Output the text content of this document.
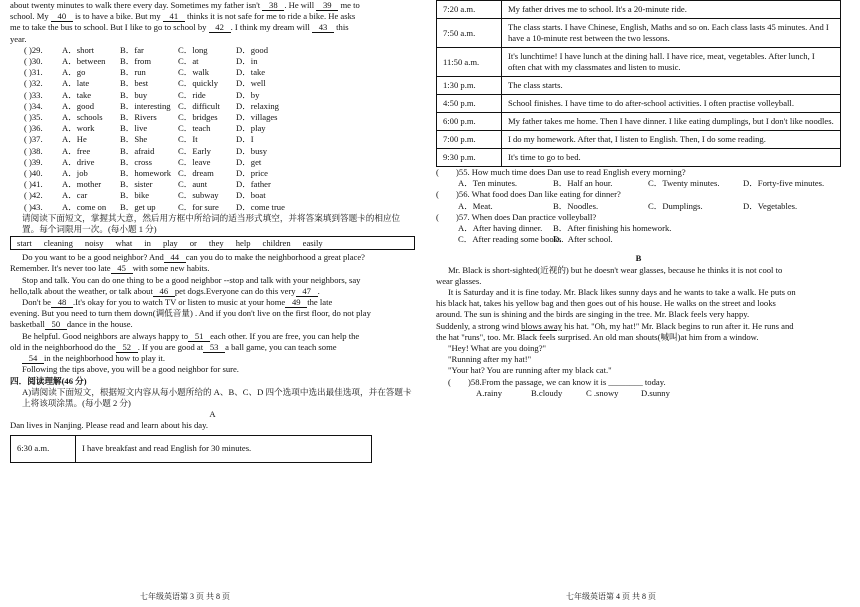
about twenty minutes to walk there every day. Sometimes my father isn't 38 . He will 39 me to
school. My 40 is to have a bike. But my 41 thinks it is not safe for me to ride a bike. He asks
me to take the bus to school. But I like to go to school by 42 . I think my dream will 43 this
year.
( )29.	A．short	B．far	C．long	D．good
( )30.	A．between	B．from	C．at	D．in
( )31.	A．go	B．run	C．walk	D．take
( )32.	A．late	B．best	C．quickly	D．well
( )33.	A．take	B．buy	C．ride	D．by
( )34.	A．good	B．interesting C．difficult	D．relaxing
( )35.	A．schools	B．Rivers	C．bridges	D．villages
( )36.	A．work	B．live	C．teach	D．play
( )37.	A．He	B．She	C．It	D．I
( )38.	A．free	B．afraid	C．Early	D．busy
( )39.	A．drive	B．cross	C．leave	D．get
( )40.	A．job	B．homework C．dream	D．price
( )41.	A．mother	B．sister	C．aunt	D．father
( )42.	A．car	B．bike	C．subway	D．boat
( )43.	A．come on	B．get up	C．for sure	D．come true
请阅读下面短文，掌握其大意，然后用方框中所给词的适当形式填空，并将答案填到答题卡的相应位置。每个词限用一次。(每小题 1 分)
start cleaning noisy what in play or they help children easily
Do you want to be a good neighbor? And 44 can you do to make the neighborhood a great place?
Remember. It's never too late 45 with some new habits.
Stop and talk. You can do one thing to be a good neighbor --stop and talk with your neighbors, say
hello,talk about the weather, or talk about 46 pet dogs.Everyone can do this very 47 .
Don't be 48 .It's okay for you to watch TV or listen to music at your home 49 the late
evening. But you need to turn them down(调低音量) . And if you don't live on the first floor, do not play
basketball 50 dance in the house.
Be helpful. Good neighbors are always happy to 51 each other. If you are free, you can help the
old in the neighborhood do the 52 . If you are good at 53 a ball game, you can teach some
54 in the neighborhood how to play it.
Following the tips above, you will be a good neighbor for sure.
四．阅读理解(46 分)
A)请阅读下面短文，根据短文内容从每小题所给的 A、B、C、D 四个选项中选出最佳选项，并在答题卡上将该项涂黑。(每小题 2 分)
A
Dan lives in Nanjing. Please read and learn about his day.
6:30 a.m.	I have breakfast and read English for 30 minutes.
七年级英语第 3 页 共 8 页
7:20 a.m.	My father drives me to school. It's a 20-minute ride.
7:50 a.m.	The class starts. I have Chinese, English, Maths and so on. Each class lasts 45 minutes. And I have a 10-minute rest between the two lessons.
11:50 a.m.	It's lunchtime! I have lunch at the dining hall. I have rice, meat, vegetables. After lunch, I often chat with my classmates and listen to music.
1:30 p.m.	The class starts.
4:50 p.m.	School finishes. I have time to do after-school activities. I often practise volleyball.
6:00 p.m.	My father takes me home. Then I have dinner. I like eating dumplings, but I don't like noodles.
7:00 p.m.	I do my homework. After that, I listen to English. Then, I do some reading.
9:30 p.m.	It's time to go to bed.
(　　)55. How much time does Dan use to read English every morning?
A．Ten minutes.	B．Half an hour.	C．Twenty minutes.	D．Forty-five minutes.
(　　)56. What food does Dan like eating for dinner?
A．Meat.	B．Noodles.	C．Dumplings.	D．Vegetables.
(　　)57. When does Dan practice volleyball?
A．After having dinner.	B．After finishing his homework.
C．After reading some books.
D．After school.
B
Mr. Black is short-sighted(近视的) but he doesn't wear glasses, because he thinks it is not cool to
wear glasses.
It is Saturday and it is fine today. Mr. Black likes sunny days and he wants to take a walk. He puts on
his black hat, takes his yellow bag and then goes out of his house. He walks on the street and looks
around. The sun is shining and the birds are singing in the tree. Mr. Black feels very happy.
Suddenly, a strong wind blows away his hat. "Oh, my hat!" Mr. Black begins to run after it. He runs and
the hat "runs", too. Mr. Black feels surprised. An old man shouts(喊叫)at him from a window.
"Hey! What are you doing?"
"Running after my hat!"
"Your hat? You are running after my black cat."
(　　)58.From the passage, we can know it is ________ today.
A.rainy	B.cloudy	C .snowy	D.sunny
七年级英语第 4 页 共 8 页
